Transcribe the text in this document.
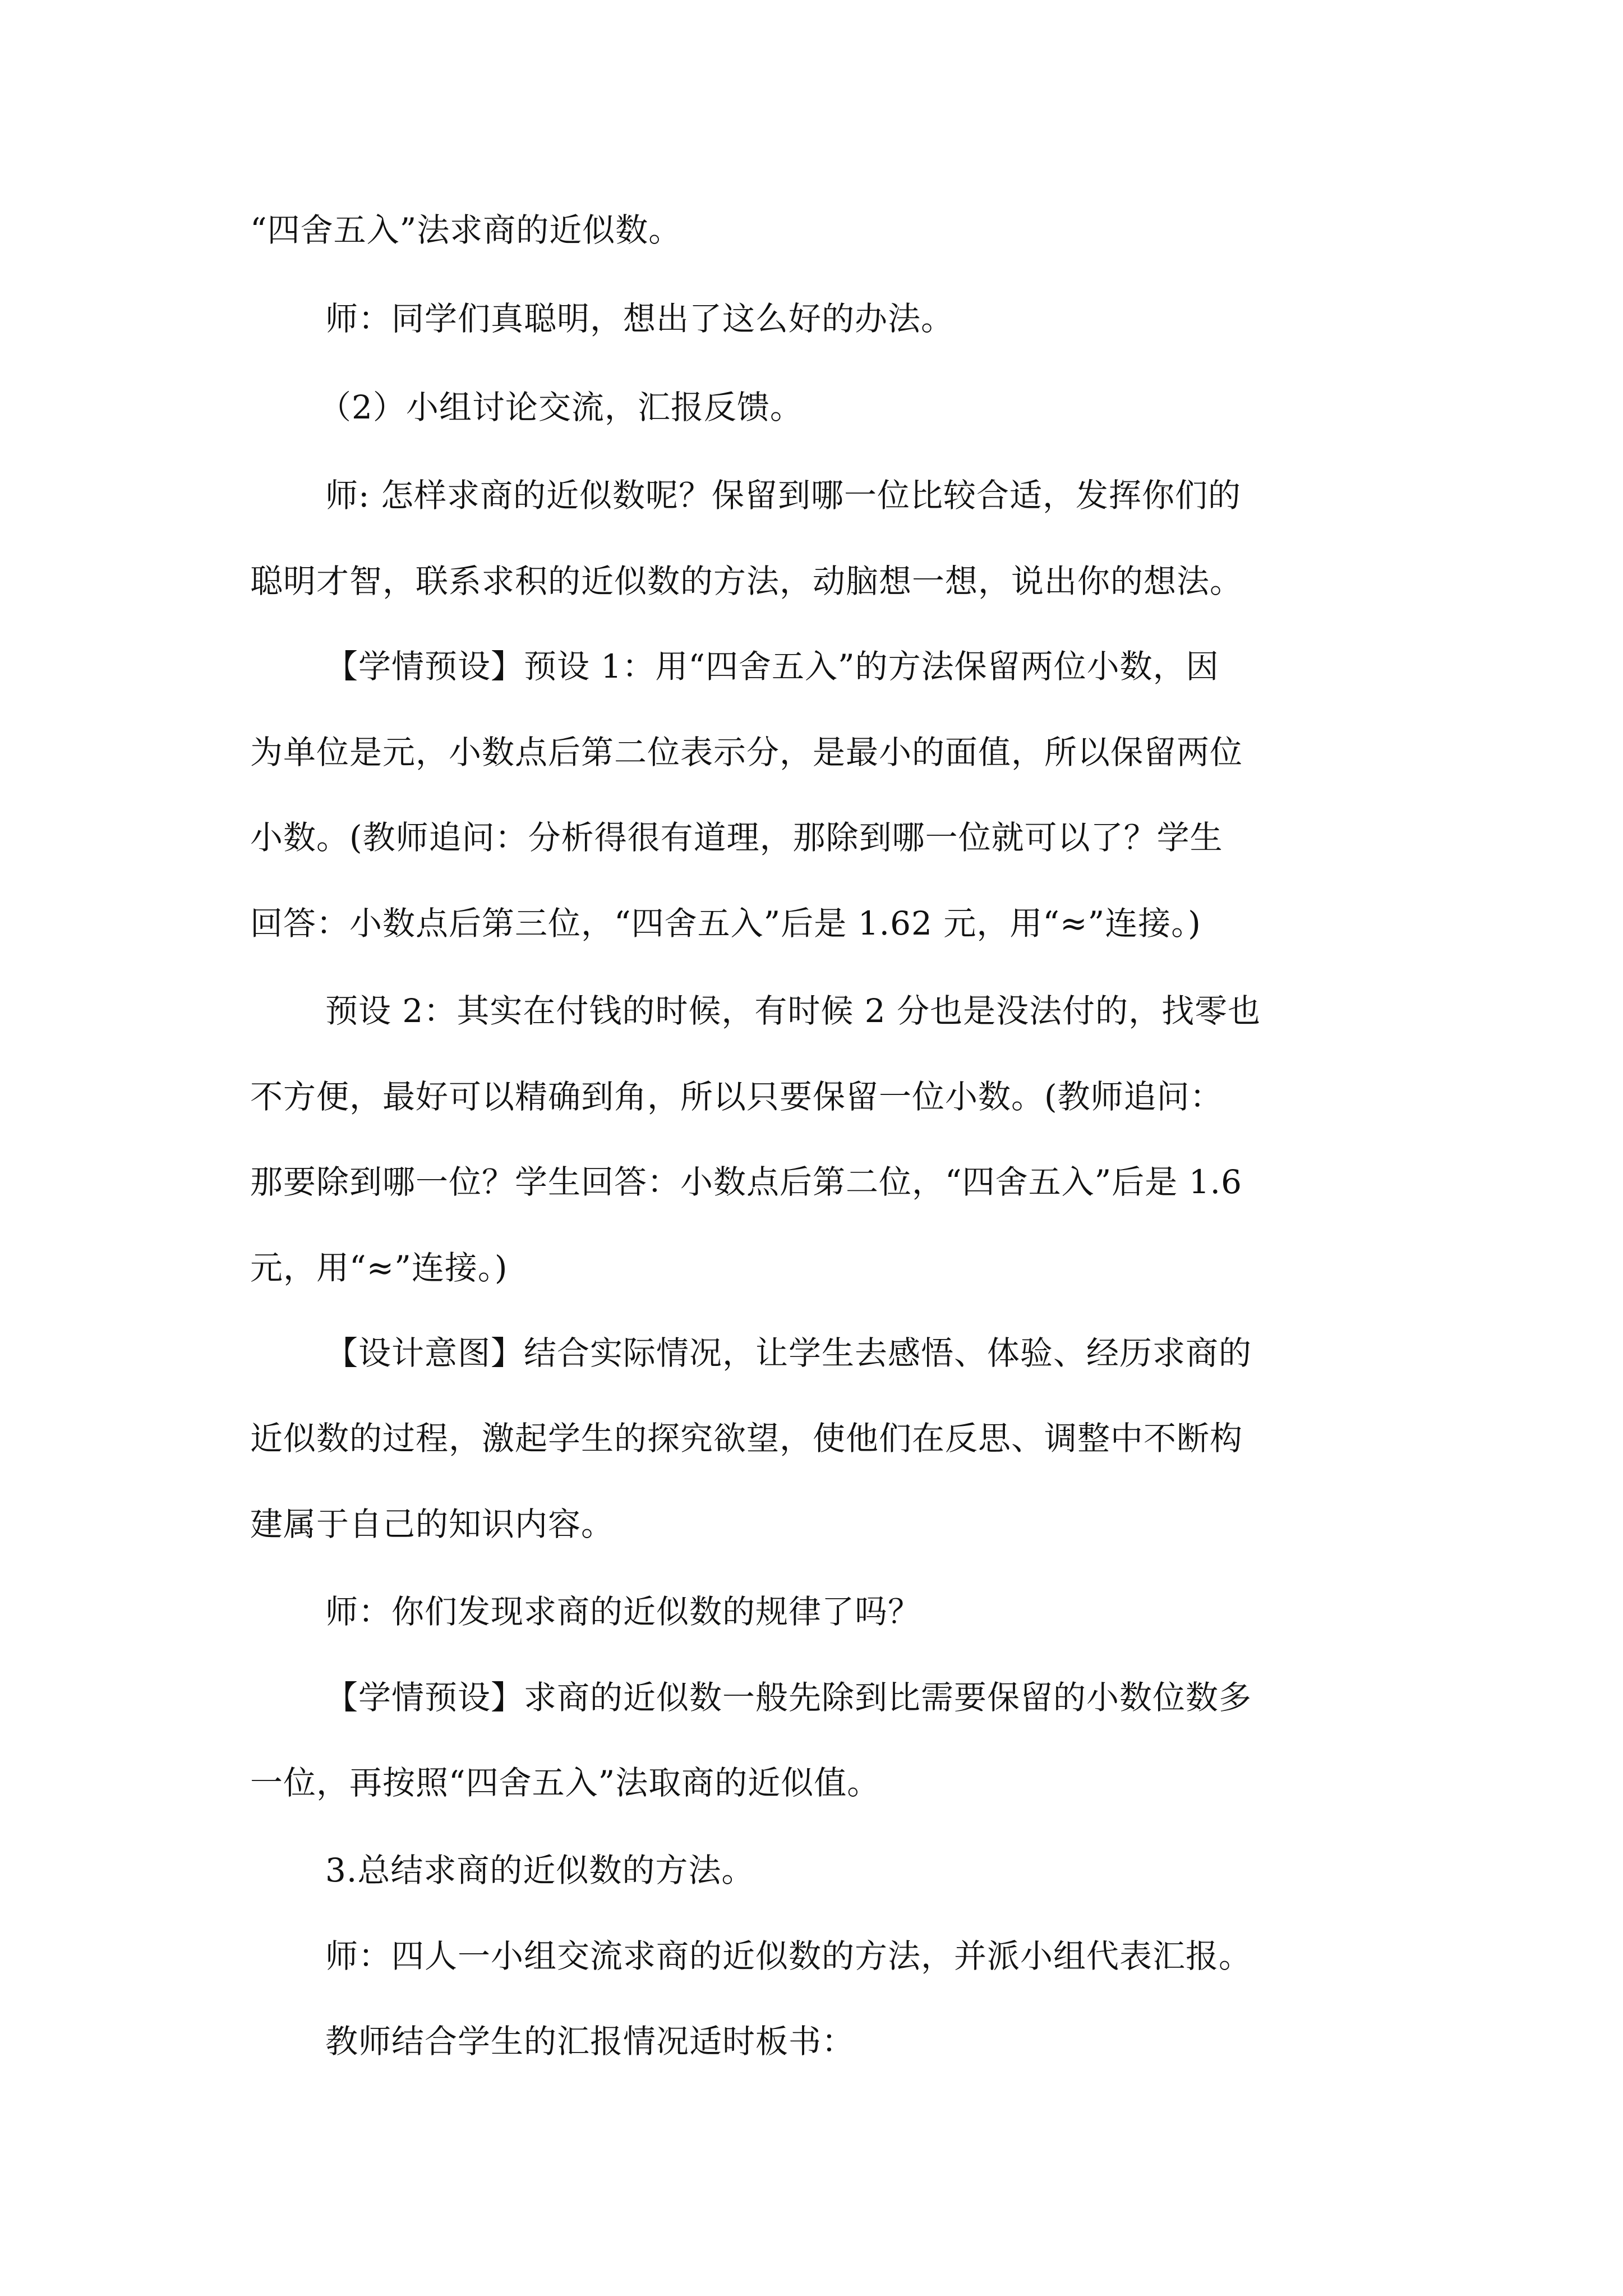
“四舍五入”法求商的近似数。
师：同学们真聪明，想出了这么好的办法。
（2）小组讨论交流，汇报反馈。
师: 怎样求商的近似数呢？保留到哪一位比较合适，发挥你们的
聪明才智，联系求积的近似数的方法，动脑想一想，说出你的想法。
【学情预设】预设 1：用“四舍五入”的方法保留两位小数，因
为单位是元，小数点后第二位表示分，是最小的面值，所以保留两位
小数。(教师追问：分析得很有道理，那除到哪一位就可以了？学生
回答：小数点后第三位，“四舍五入”后是 1.62 元，用“≈”连接。)
预设 2：其实在付钱的时候，有时候 2 分也是没法付的，找零也
不方便，最好可以精确到角，所以只要保留一位小数。(教师追问：
那要除到哪一位？学生回答：小数点后第二位，“四舍五入”后是 1.6
元，用“≈”连接。)
【设计意图】结合实际情况，让学生去感悟、体验、经历求商的
近似数的过程，激起学生的探究欲望，使他们在反思、调整中不断构
建属于自己的知识内容。
师：你们发现求商的近似数的规律了吗？
【学情预设】求商的近似数一般先除到比需要保留的小数位数多
一位，再按照“四舍五入”法取商的近似值。
3.总结求商的近似数的方法。
师：四人一小组交流求商的近似数的方法，并派小组代表汇报。
教师结合学生的汇报情况适时板书：
